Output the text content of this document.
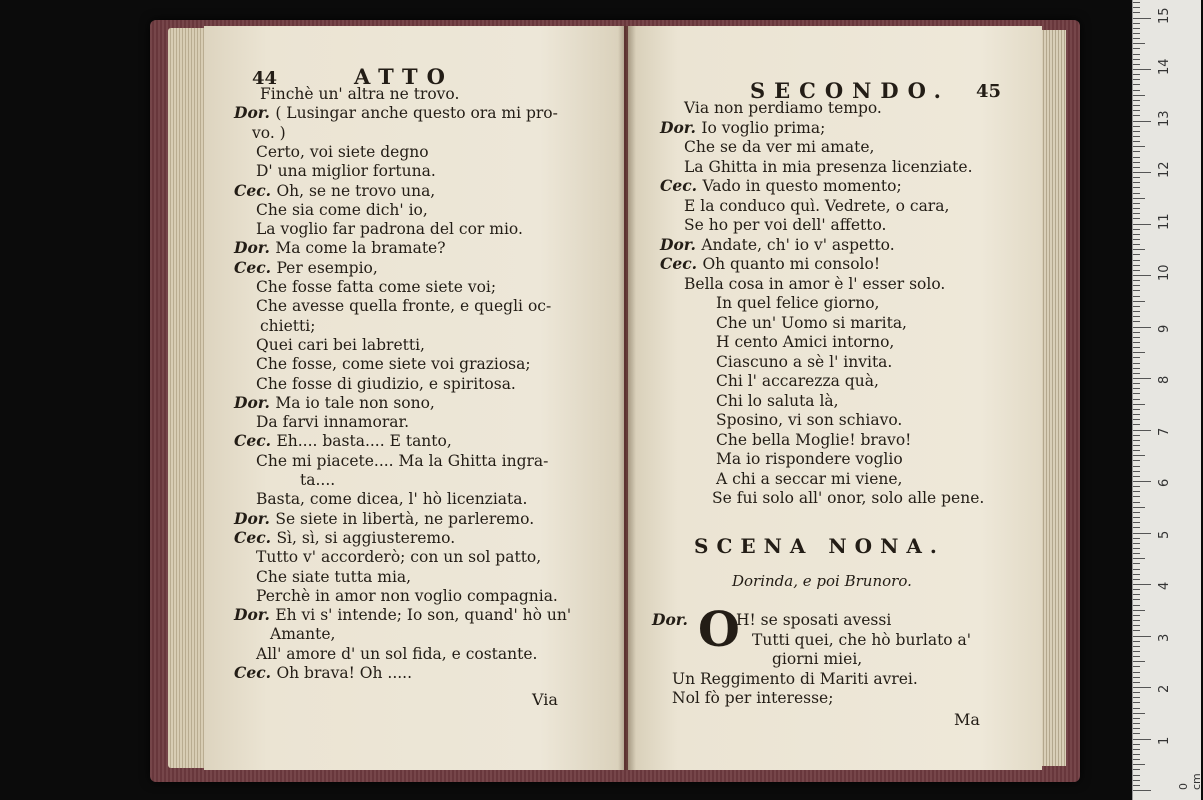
44	ATTO
Finchè un' altra ne trovo.
Dor. ( Lusingar anche questo ora mi pro-
vo. )
Certo, voi siete degno
D' una miglior fortuna.
Cec. Oh, se ne trovo una,
Che sia come dich' io,
La voglio far padrona del cor mio.
Dor. Ma come la bramate?
Cec. Per esempio,
Che fosse fatta come siete voi;
Che avesse quella fronte, e quegli oc-
chietti;
Quei cari bei labretti,
Che fosse, come siete voi graziosa;
Che fosse di giudizio, e spiritosa.
Dor. Ma io tale non sono,
Da farvi innamorar.
Cec. Eh.... basta.... E tanto,
Che mi piacete.... Ma la Ghitta ingra-
ta....
Basta, come dicea, l' hò licenziata.
Dor. Se siete in libertà, ne parleremo.
Cec. Sì, sì, si aggiusteremo.
Tutto v' accorderò; con un sol patto,
Che siate tutta mia,
Perchè in amor non voglio compagnia.
Dor. Eh vi s' intende; Io son, quand' hò un'
Amante,
All' amore d' un sol fida, e costante.
Cec. Oh brava! Oh .....
Via
SECONDO. 45
Via non perdiamo tempo.
Dor. Io voglio prima;
Che se da ver mi amate,
La Ghitta in mia presenza licenziate.
Cec. Vado in questo momento;
E la conduco quì. Vedrete, o cara,
Se ho per voi dell' affetto.
Dor. Andate, ch' io v' aspetto.
Cec. Oh quanto mi consolo!
Bella cosa in amor è l' esser solo.
In quel felice giorno,
Che un' Uomo si marita,
H cento Amici intorno,
Ciascuno a sè l' invita.
Chi l' accarezza quà,
Chi lo saluta là,
Sposino, vi son schiavo.
Che bella Moglie! bravo!
Ma io rispondere voglio
A chi a seccar mi viene,
Se fui solo all' onor, solo alle pene.
SCENA NONA.
Dorinda, e poi Brunoro.
Dor. O
H! se sposati avessi
Tutti quei, che hò burlato a'
giorni miei,
Un Reggimento di Mariti avrei.
Nol fò per interesse;
Ma
15
14
13
12
11
10
9
8
7
6
5
4
3
2
1
0 cm
